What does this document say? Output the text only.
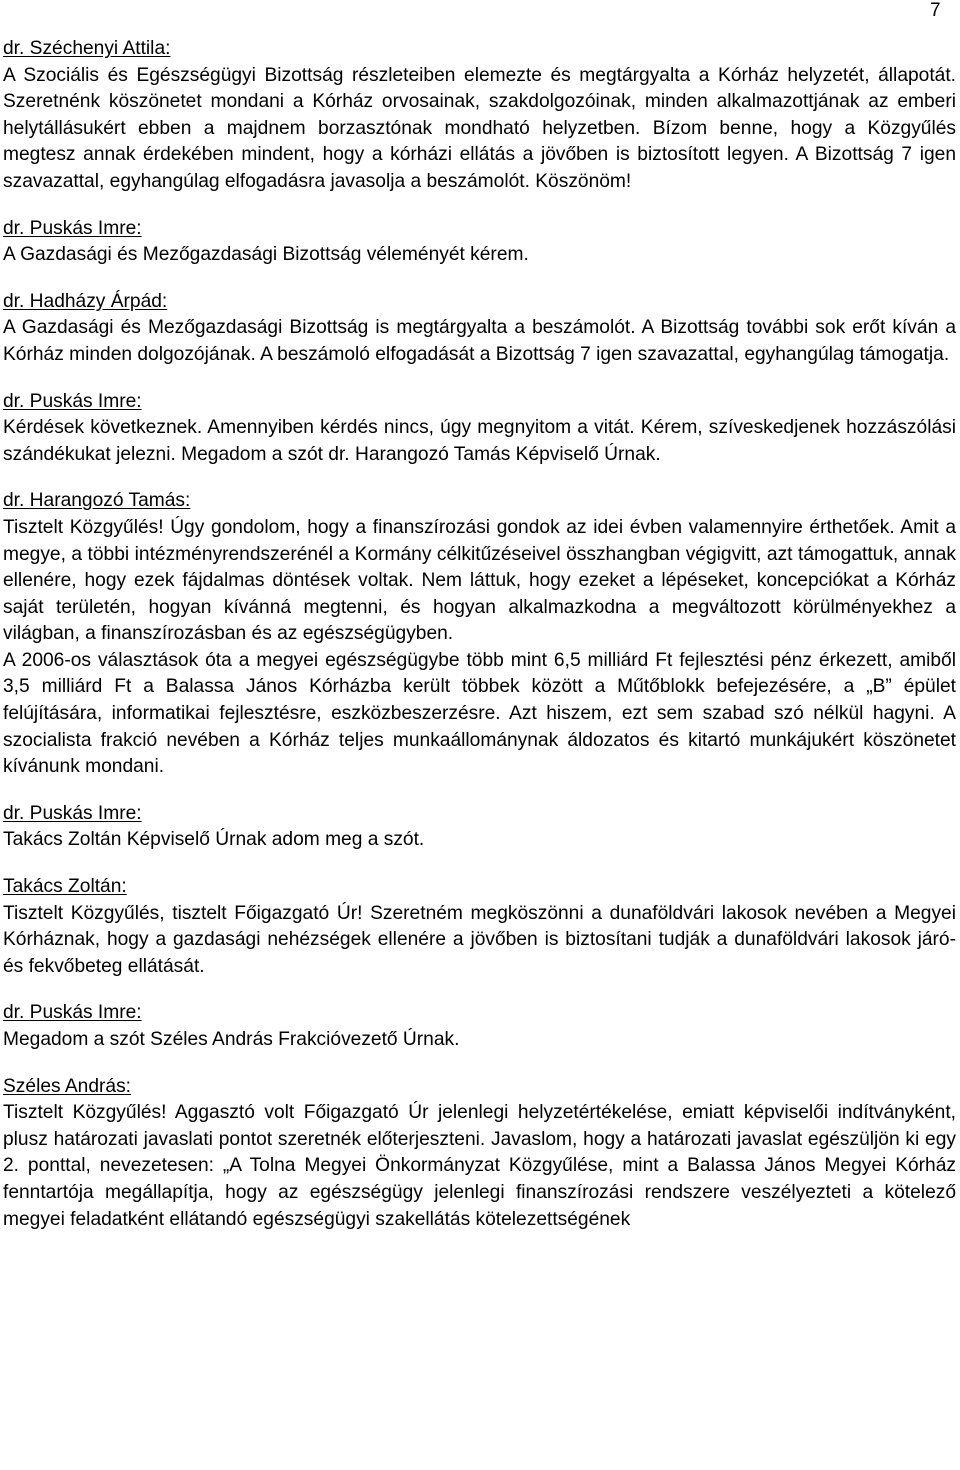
7

dr. Széchenyi Attila:

A Szociális és Egészségügyi Bizottság részleteiben elemezte és megtárgyalta a Kórház helyzetét, állapotát. Szeretnénk köszönetet mondani a Kórház orvosainak, szakdolgozóinak, minden alkalmazottjának az emberi helytállásukért ebben a majdnem borzasztónak mondható helyzetben. Bízom benne, hogy a Közgyűlés megtesz annak érdekében mindent, hogy a kórházi ellátás a jövőben is biztosított legyen. A Bizottság 7 igen szavazattal, egyhangúlag elfogadásra javasolja a beszámolót. Köszönöm!

dr. Puskás Imre:

A Gazdasági és Mezőgazdasági Bizottság véleményét kérem.

dr. Hadházy Árpád:

A Gazdasági és Mezőgazdasági Bizottság is megtárgyalta a beszámolót. A Bizottság további sok erőt kíván a Kórház minden dolgozójának. A beszámoló elfogadását a Bizottság 7 igen szavazattal, egyhangúlag támogatja.

dr. Puskás Imre:

Kérdések következnek. Amennyiben kérdés nincs, úgy megnyitom a vitát. Kérem, szíveskedjenek hozzászólási szándékukat jelezni. Megadom a szót dr. Harangozó Tamás Képviselő Úrnak.

dr. Harangozó Tamás:

Tisztelt Közgyűlés! Úgy gondolom, hogy a finanszírozási gondok az idei évben valamennyire érthetőek. Amit a megye, a többi intézményrendszerénél a Kormány célkitűzéseivel összhangban végigvitt, azt támogattuk, annak ellenére, hogy ezek fájdalmas döntések voltak. Nem láttuk, hogy ezeket a lépéseket, koncepciókat a Kórház saját területén, hogyan kívánná megtenni, és hogyan alkalmazkodna a megváltozott körülményekhez a világban, a finanszírozásban és az egészségügyben.

A 2006-os választások óta a megyei egészségügybe több mint 6,5 milliárd Ft fejlesztési pénz érkezett, amiből 3,5 milliárd Ft a Balassa János Kórházba került többek között a Műtőblokk befejezésére, a „B” épület felújítására, informatikai fejlesztésre, eszközbeszerzésre. Azt hiszem, ezt sem szabad szó nélkül hagyni. A szocialista frakció nevében a Kórház teljes munkaállománynak áldozatos és kitartó munkájukért köszönetet kívánunk mondani.

dr. Puskás Imre:

Takács Zoltán Képviselő Úrnak adom meg a szót.

Takács Zoltán:

Tisztelt Közgyűlés, tisztelt Főigazgató Úr! Szeretném megköszönni a dunaföldvári lakosok nevében a Megyei Kórháznak, hogy a gazdasági nehézségek ellenére a jövőben is biztosítani tudják a dunaföldvári lakosok járó- és fekvőbeteg ellátását.

dr. Puskás Imre:

Megadom a szót Széles András Frakcióvezető Úrnak.

Széles András:

Tisztelt Közgyűlés! Aggasztó volt Főigazgató Úr jelenlegi helyzetértékelése, emiatt képviselői indítványként, plusz határozati javaslati pontot szeretnék előterjeszteni. Javaslom, hogy a határozati javaslat egészüljön ki egy 2. ponttal, nevezetesen: „A Tolna Megyei Önkormányzat Közgyűlése, mint a Balassa János Megyei Kórház fenntartója megállapítja, hogy az egészségügy jelenlegi finanszírozási rendszere veszélyezteti a kötelező megyei feladatként ellátandó egészségügyi szakellátás kötelezettségének
